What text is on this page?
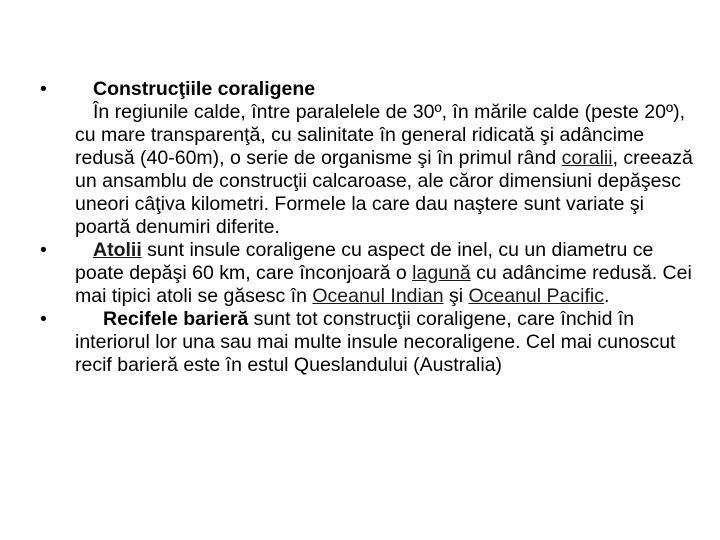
•	Construcţiile coraligene
În regiunile calde, între paralelele de 30º, în mările calde (peste 20º), cu mare transparenţă, cu salinitate în general ridicată şi adâncime redusă (40-60m), o serie de organisme şi în primul rând coralii, creează un ansamblu de construcţii calcaroase, ale căror dimensiuni depăşesc uneori câţiva kilometri. Formele la care dau naştere sunt variate şi poartă denumiri diferite.
•	Atolii sunt insule coraligene cu aspect de inel, cu un diametru ce poate depăşi 60 km, care înconjoară o lagună cu adâncime redusă. Cei mai tipici atoli se găsesc în Oceanul Indian şi Oceanul Pacific.
•	Recifele barieră sunt tot construcţii coraligene, care închid în interiorul lor una sau mai multe insule necoraligene. Cel mai cunoscut recif barieră este în estul Queslandului (Australia)
